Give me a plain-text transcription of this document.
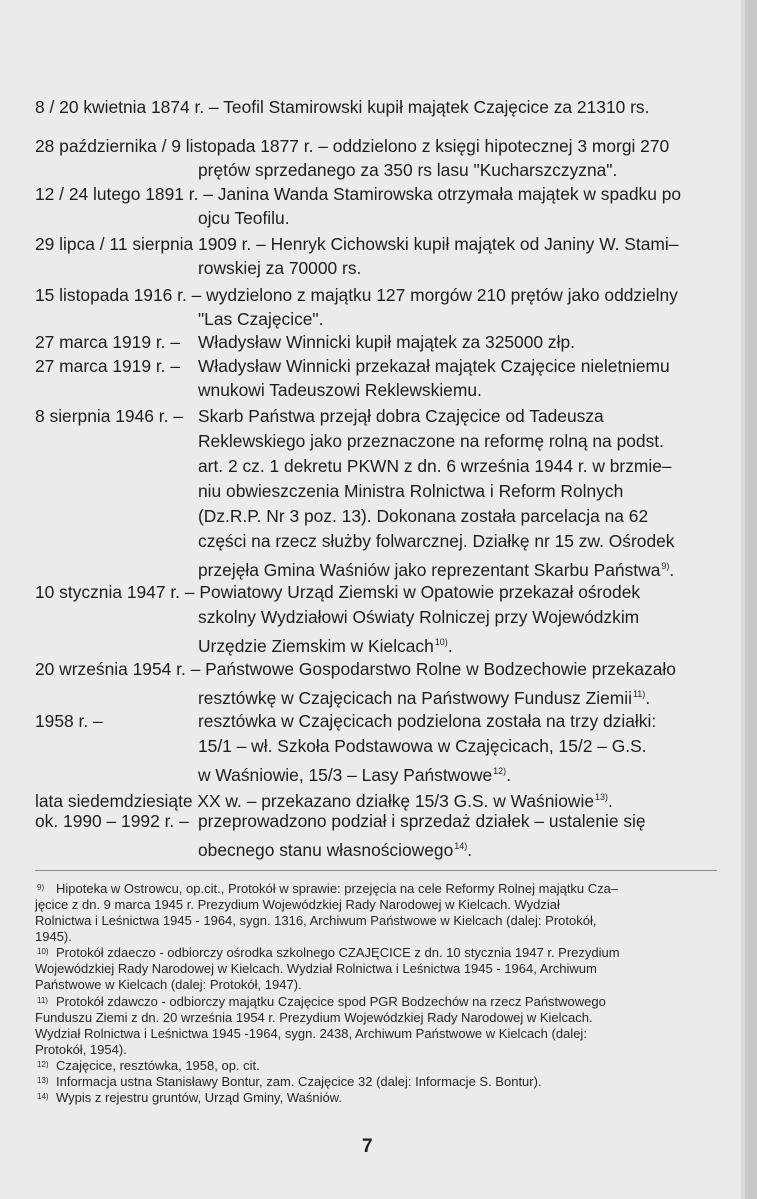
8 / 20 kwietnia 1874 r. – Teofil Stamirowski kupił majątek Czajęcice za 21310 rs.
28 października / 9 listopada 1877 r. – oddzielono z księgi hipotecznej 3 morgi 270
prętów sprzedanego za 350 rs lasu "Kucharszczyzna".
12 / 24 lutego 1891 r. – Janina Wanda Stamirowska otrzymała majątek w spadku po
ojcu Teofilu.
29 lipca / 11 sierpnia 1909 r. – Henryk Cichowski kupił majątek od Janiny W. Stami–
rowskiej za 70000 rs.
15 listopada 1916 r. – wydzielono z majątku 127 morgów 210 prętów jako oddzielny
"Las Czajęcice".
27 marca 1919 r. – Władysław Winnicki kupił majątek za 325000 złp.
27 marca 1919 r. – Władysław Winnicki przekazał majątek Czajęcice nieletniemu
wnukowi Tadeuszowi Reklewskiemu.
8 sierpnia 1946 r. – Skarb Państwa przejął dobra Czajęcice od Tadeusza
Reklewskiego jako przeznaczone na reformę rolną na podst.
art. 2 cz. 1 dekretu PKWN z dn. 6 września 1944 r. w brzmie–
niu obwieszczenia Ministra Rolnictwa i Reform Rolnych
(Dz.R.P. Nr 3 poz. 13). Dokonana została parcelacja na 62
części na rzecz służby folwarcznej. Działkę nr 15 zw. Ośrodek
przejęła Gmina Waśniów jako reprezentant Skarbu Państwa$^{9)}$.
10 stycznia 1947 r. – Powiatowy Urząd Ziemski w Opatowie przekazał ośrodek
szkolny Wydziałowi Oświaty Rolniczej przy Wojewódzkim
Urzędzie Ziemskim w Kielcach$^{10)}$.
20 września 1954 r. – Państwowe Gospodarstwo Rolne w Bodzechowie przekazało
resztówkę w Czajęcicach na Państwowy Fundusz Ziemii$^{11)}$.
1958 r. –	resztówka w Czajęcicach podzielona została na trzy działki:
15/1 – wł. Szkoła Podstawowa w Czajęcicach, 15/2 – G.S.
w Waśniowie, 15/3 – Lasy Państwowe$^{12)}$.
lata siedemdziesiąte XX w. – przekazano działkę 15/3 G.S. w Waśniowie$^{13)}$.
ok. 1990 – 1992 r. – przeprowadzono podział i sprzedaż działek – ustalenie się
obecnego stanu własnościowego$^{14)}$.
9) Hipoteka w Ostrowcu, op.cit., Protokół w sprawie: przejęcia na cele Reformy Rolnej majątku Cza–
jęcice z dn. 9 marca 1945 r. Prezydium Wojewódzkiej Rady Narodowej w Kielcach. Wydział
Rolnictwa i Leśnictwa 1945 - 1964, sygn. 1316, Archiwum Państwowe w Kielcach (dalej: Protokół,
1945).
10) Protokół zdaeczo - odbiorczy ośrodka szkolnego CZAJĘCICE z dn. 10 stycznia 1947 r. Prezydium
Wojewódzkiej Rady Narodowej w Kielcach. Wydział Rolnictwa i Leśnictwa 1945 - 1964, Archiwum
Państwowe w Kielcach (dalej: Protokół, 1947).
11) Protokół zdawczo - odbiorczy majątku Czajęcice spod PGR Bodzechów na rzecz Państwowego
Funduszu Ziemi z dn. 20 września 1954 r. Prezydium Wojewódzkiej Rady Narodowej w Kielcach.
Wydział Rolnictwa i Leśnictwa 1945 -1964, sygn. 2438, Archiwum Państwowe w Kielcach (dalej:
Protokół, 1954).
12) Czajęcice, resztówka, 1958, op. cit.
13) Informacja ustna Stanisławy Bontur, zam. Czajęcice 32 (dalej: Informacje S. Bontur).
14) Wypis z rejestru gruntów, Urząd Gminy, Waśniów.
7
